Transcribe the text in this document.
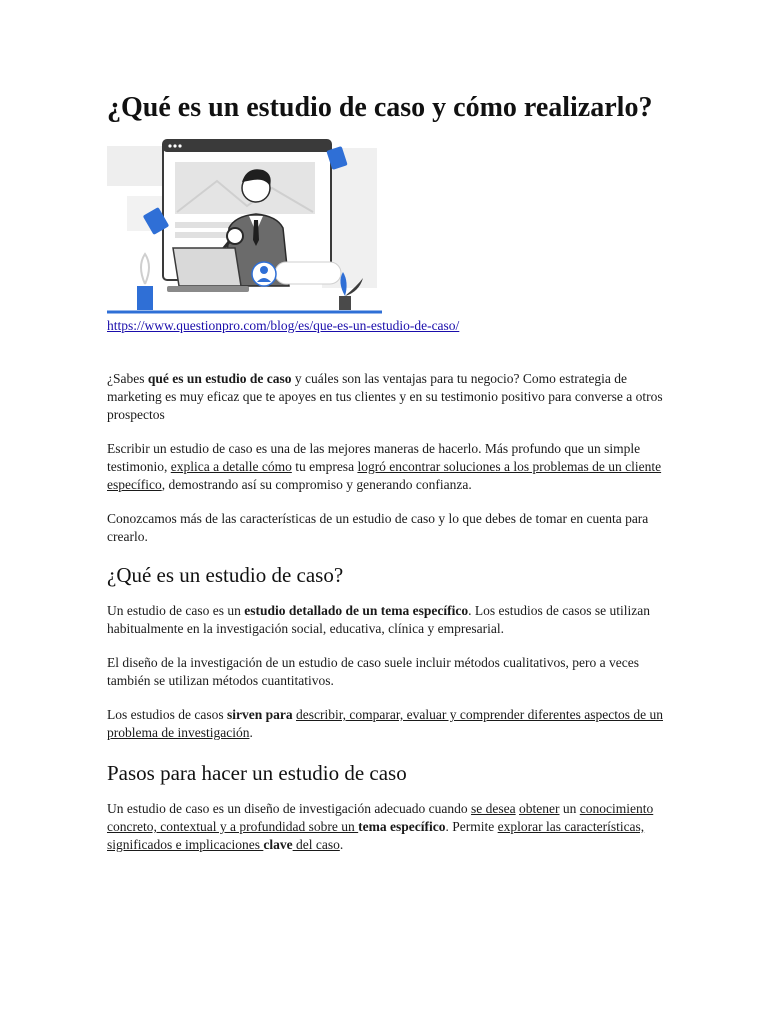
¿Qué es un estudio de caso y cómo realizarlo?
https://www.questionpro.com/blog/es/que-es-un-estudio-de-caso/

¿Sabes qué es un estudio de caso y cuáles son las ventajas para tu negocio? Como estrategia de marketing es muy eficaz que te apoyes en tus clientes y en su testimonio positivo para converse a otros prospectos

Escribir un estudio de caso es una de las mejores maneras de hacerlo. Más profundo que un simple testimonio, explica a detalle cómo tu empresa logró encontrar soluciones a los problemas de un cliente específico, demostrando así su compromiso y generando confianza.

Conozcamos más de las características de un estudio de caso y lo que debes de tomar en cuenta para crearlo.

¿Qué es un estudio de caso?

Un estudio de caso es un estudio detallado de un tema específico. Los estudios de casos se utilizan habitualmente en la investigación social, educativa, clínica y empresarial.

El diseño de la investigación de un estudio de caso suele incluir métodos cualitativos, pero a veces también se utilizan métodos cuantitativos.

Los estudios de casos sirven para describir, comparar, evaluar y comprender diferentes aspectos de un problema de investigación.

Pasos para hacer un estudio de caso

Un estudio de caso es un diseño de investigación adecuado cuando se desea obtener un conocimiento concreto, contextual y a profundidad sobre un tema específico. Permite explorar las características, significados e implicaciones clave del caso.
